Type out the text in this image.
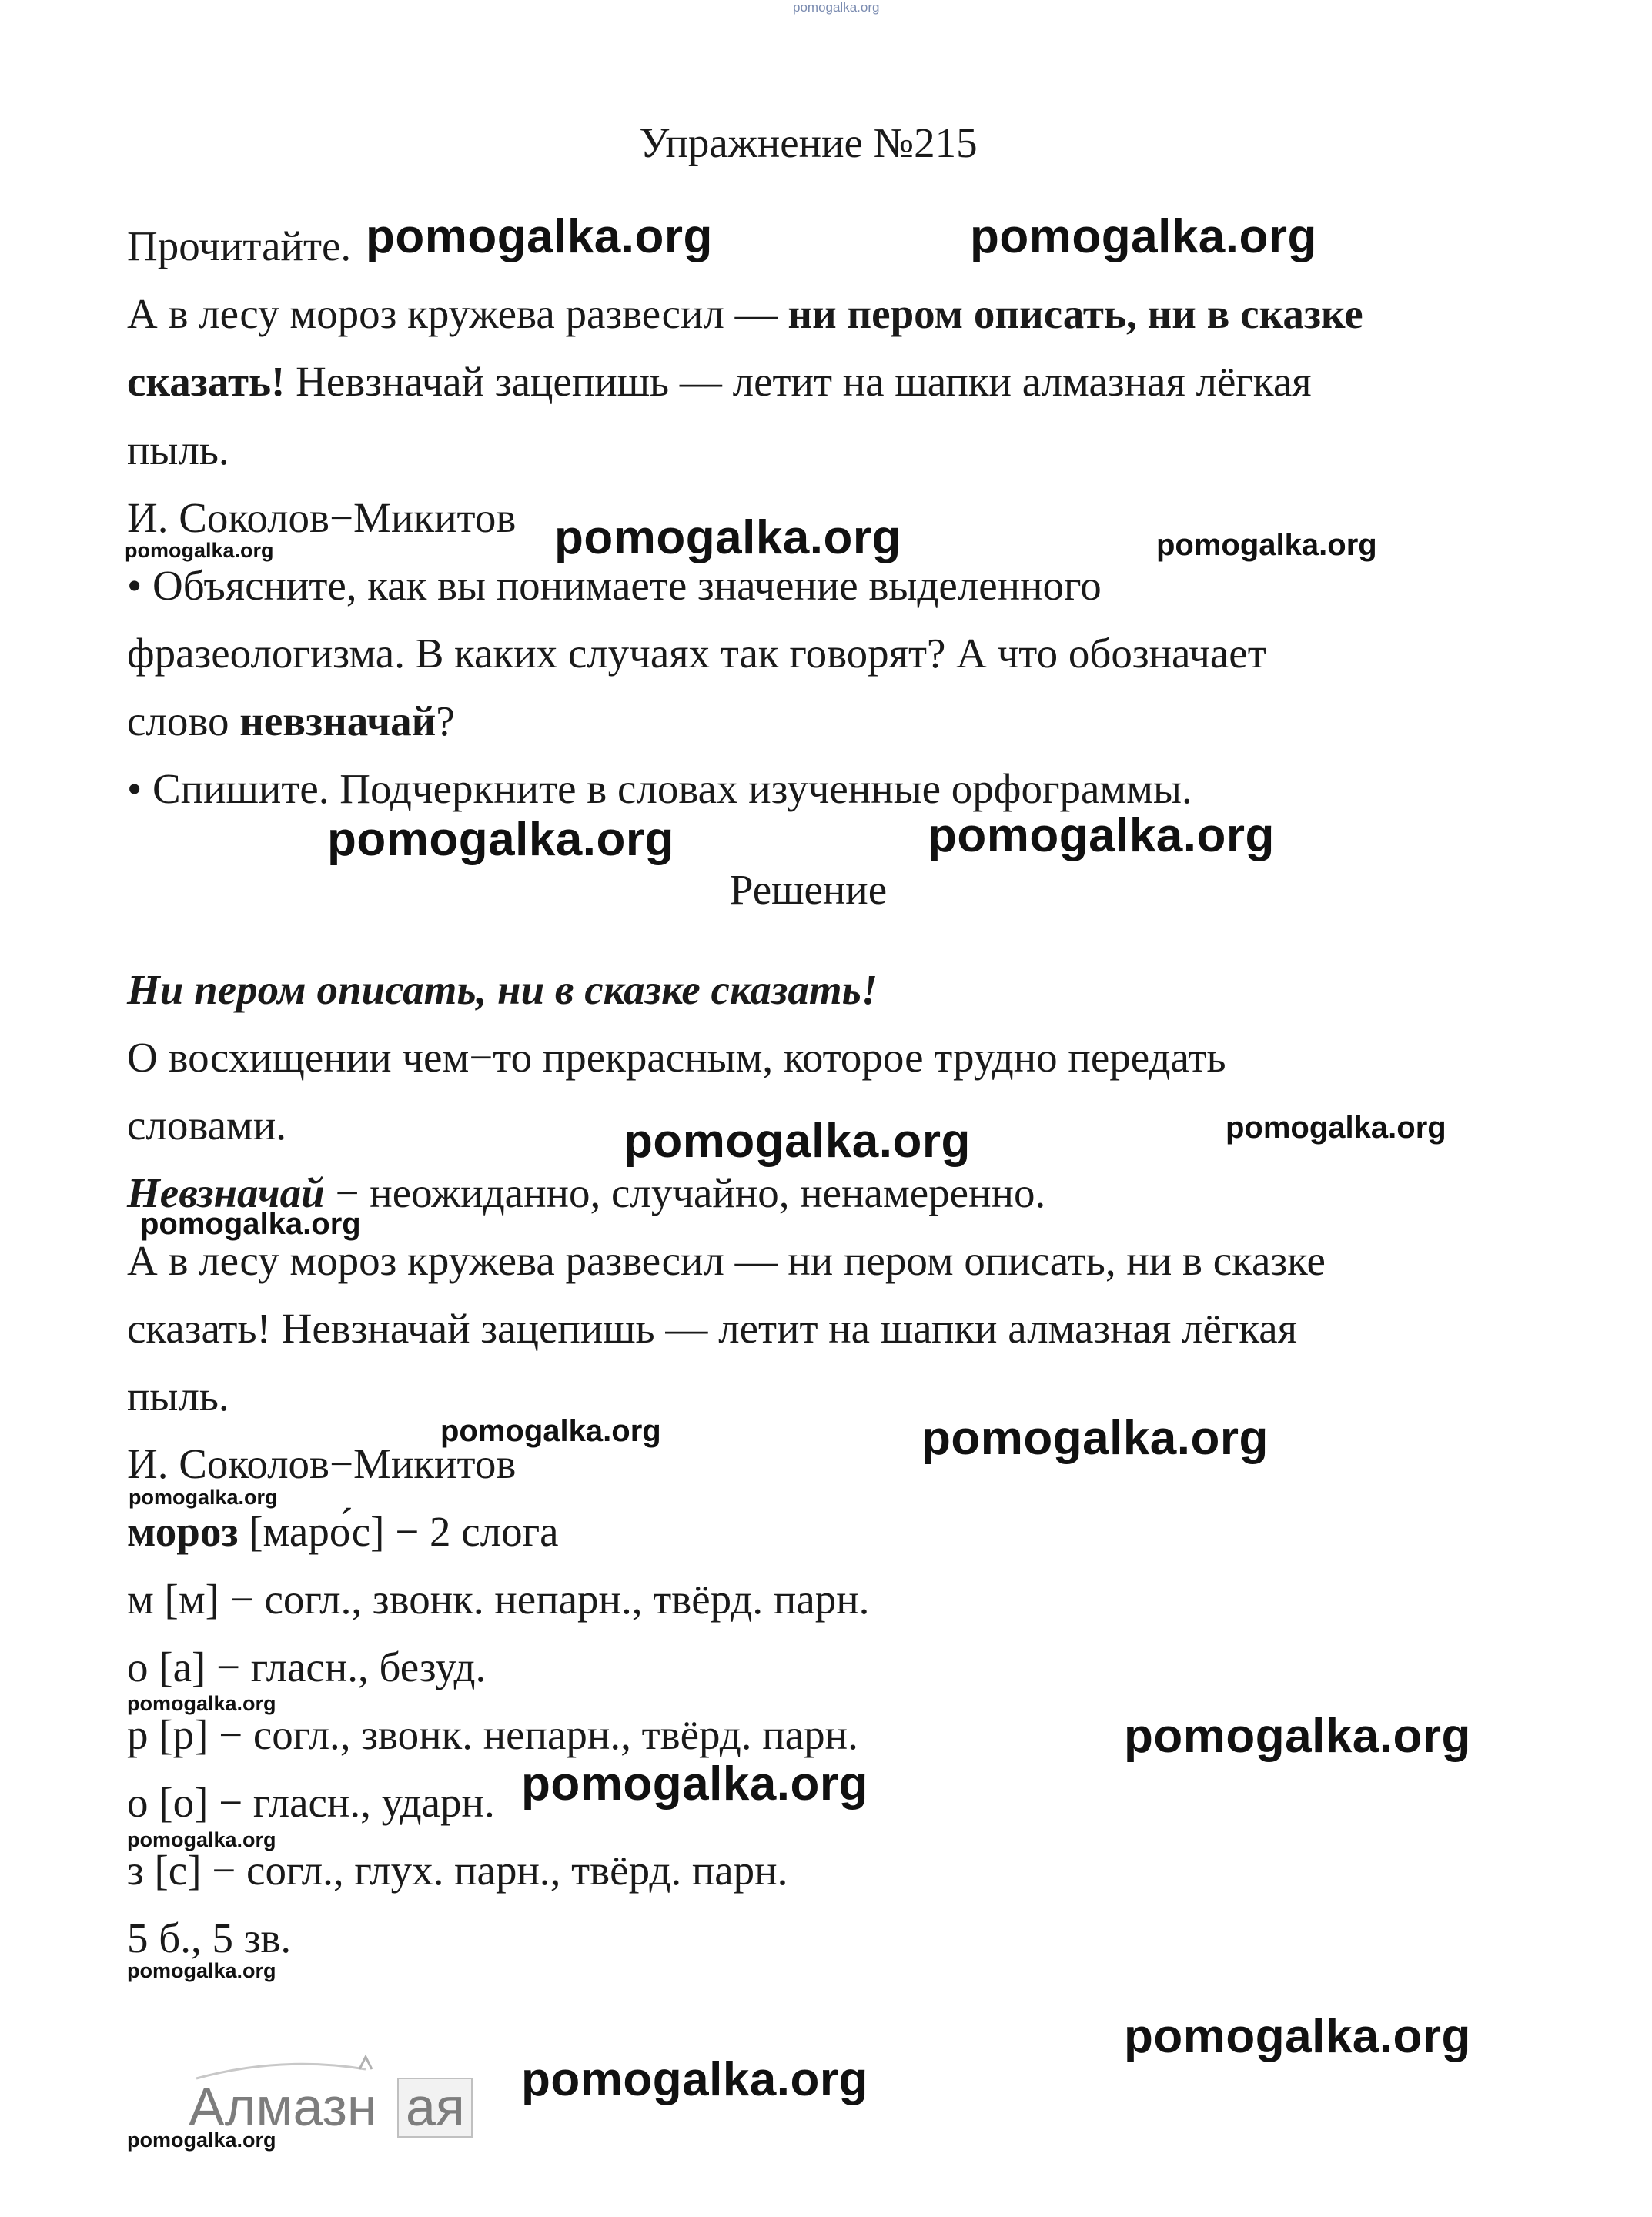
pomogalka.org
Упражнение №215
Прочитайте.
А в лесу мороз кружева развесил — ни пером описать, ни в сказке
сказать! Невзначай зацепишь — летит на шапки алмазная лёгкая
пыль.
И. Соколов−Микитов
• Объясните, как вы понимаете значение выделенного
фразеологизма. В каких случаях так говорят? А что обозначает
слово невзначай?
• Спишите. Подчеркните в словах изученные орфограммы.
Решение
Ни пером описать, ни в сказке сказать!
О восхищении чем−то прекрасным, которое трудно передать
словами.
Невзначай − неожиданно, случайно, ненамеренно.
А в лесу мороз кружева развесил — ни пером описать, ни в сказке
сказать! Невзначай зацепишь — летит на шапки алмазная лёгкая
пыль.
И. Соколов−Микитов
мороз [маро́с] − 2 слога
м [м] − согл., звонк. непарн., твёрд. парн.
о [а] − гласн., безуд.
р [р] − согл., звонк. непарн., твёрд. парн.
о [о] − гласн., ударн.
з [с] − согл., глух. парн., твёрд. парн.
5 б., 5 зв.
Алмазн ая
pomogalka.org	pomogalka.org
pomogalka.org	pomogalka.org	pomogalka.org
pomogalka.org	pomogalka.org
pomogalka.org	pomogalka.org
pomogalka.org
pomogalka.org	pomogalka.org
pomogalka.org
pomogalka.org
pomogalka.org
pomogalka.org
pomogalka.org
pomogalka.org
pomogalka.org
pomogalka.org
pomogalka.org
